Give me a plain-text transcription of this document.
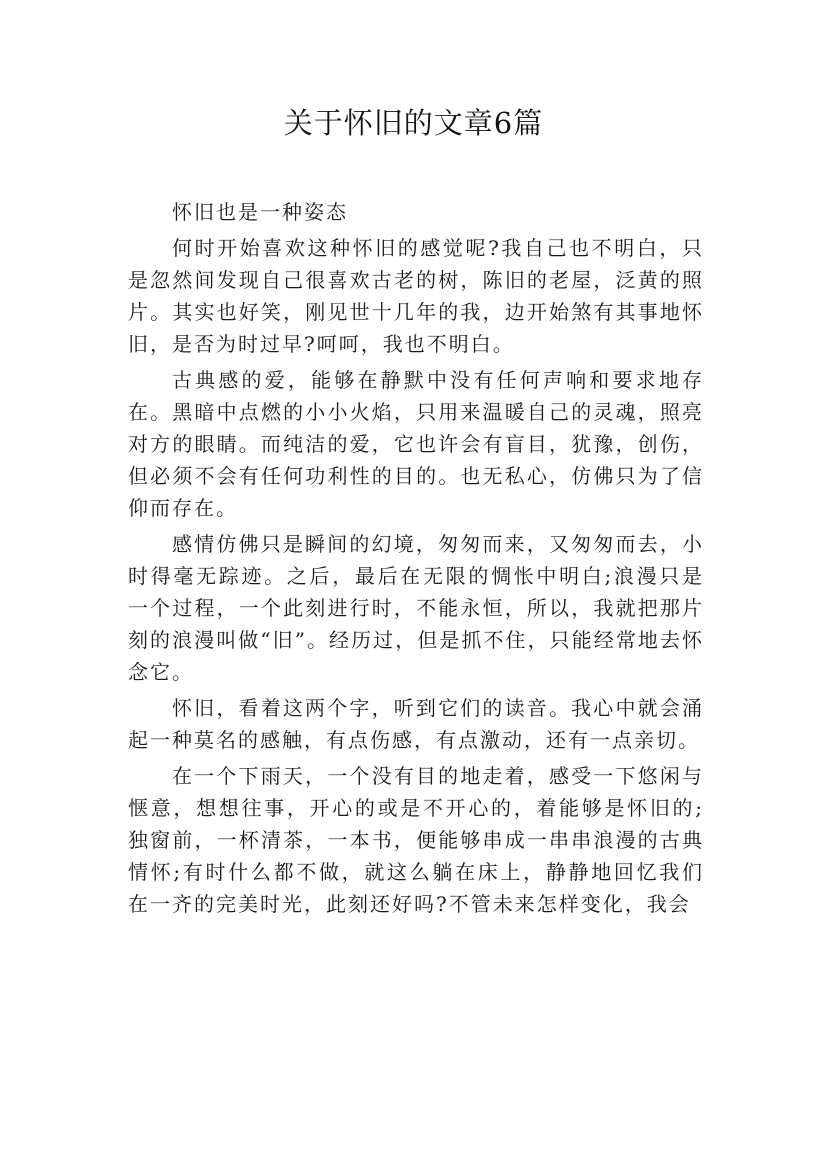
关于怀旧的文章6篇

怀旧也是一种姿态

何时开始喜欢这种怀旧的感觉呢?我自己也不明白，只是忽然间发现自己很喜欢古老的树，陈旧的老屋，泛黄的照片。其实也好笑，刚见世十几年的我，边开始煞有其事地怀旧，是否为时过早?呵呵，我也不明白。

古典感的爱，能够在静默中没有任何声响和要求地存在。黑暗中点燃的小小火焰，只用来温暖自己的灵魂，照亮对方的眼睛。而纯洁的爱，它也许会有盲目，犹豫，创伤，但必须不会有任何功利性的目的。也无私心，仿佛只为了信仰而存在。

感情仿佛只是瞬间的幻境，匆匆而来，又匆匆而去，小时得毫无踪迹。之后，最后在无限的惆怅中明白;浪漫只是一个过程，一个此刻进行时，不能永恒，所以，我就把那片刻的浪漫叫做“旧”。经历过，但是抓不住，只能经常地去怀念它。

怀旧，看着这两个字，听到它们的读音。我心中就会涌起一种莫名的感触，有点伤感，有点激动，还有一点亲切。

在一个下雨天，一个没有目的地走着，感受一下悠闲与惬意，想想往事，开心的或是不开心的，着能够是怀旧的;独窗前，一杯清茶，一本书，便能够串成一串串浪漫的古典情怀;有时什么都不做，就这么躺在床上，静静地回忆我们在一齐的完美时光，此刻还好吗?不管未来怎样变化，我会
